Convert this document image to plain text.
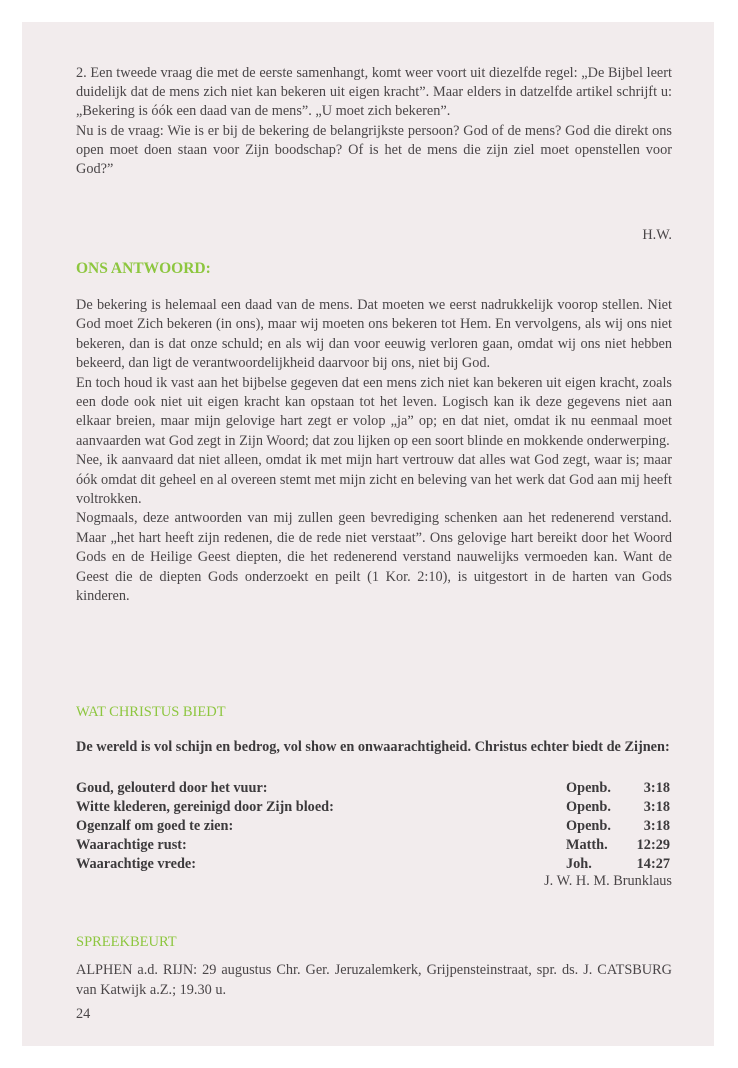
2. Een tweede vraag die met de eerste samenhangt, komt weer voort uit diezelfde regel: „De Bijbel leert duidelijk dat de mens zich niet kan bekeren uit eigen kracht”. Maar elders in datzelfde artikel schrijft u: „Bekering is óók een daad van de mens”. „U moet zich bekeren”.

Nu is de vraag: Wie is er bij de bekering de belangrijkste persoon? God of de mens? God die direkt ons open moet doen staan voor Zijn boodschap? Of is het de mens die zijn ziel moet openstellen voor God?”

H.W.
ONS ANTWOORD:

De bekering is helemaal een daad van de mens. Dat moeten we eerst nadrukkelijk voorop stellen. Niet God moet Zich bekeren (in ons), maar wij moeten ons bekeren tot Hem. En vervolgens, als wij ons niet bekeren, dan is dat onze schuld; en als wij dan voor eeuwig verloren gaan, omdat wij ons niet hebben bekeerd, dan ligt de verantwoordelijkheid daarvoor bij ons, niet bij God.

En toch houd ik vast aan het bijbelse gegeven dat een mens zich niet kan bekeren uit eigen kracht, zoals een dode ook niet uit eigen kracht kan opstaan tot het leven. Logisch kan ik deze gegevens niet aan elkaar breien, maar mijn gelovige hart zegt er volop „ja” op; en dat niet, omdat ik nu eenmaal moet aanvaarden wat God zegt in Zijn Woord; dat zou lijken op een soort blinde en mokkende onderwerping.

Nee, ik aanvaard dat niet alleen, omdat ik met mijn hart vertrouw dat alles wat God zegt, waar is; maar óók omdat dit geheel en al overeen stemt met mijn zicht en beleving van het werk dat God aan mij heeft voltrokken.

Nogmaals, deze antwoorden van mij zullen geen bevrediging schenken aan het redenerend verstand. Maar „het hart heeft zijn redenen, die de rede niet verstaat”. Ons gelovige hart bereikt door het Woord Gods en de Heilige Geest diepten, die het redenerend verstand nauwelijks vermoeden kan. Want de Geest die de diepten Gods onderzoekt en peilt (1 Kor. 2:10), is uitgestort in de harten van Gods kinderen.

WAT CHRISTUS BIEDT
De wereld is vol schijn en bedrog, vol show en onwaarachtigheid. Christus echter biedt de Zijnen:
Goud, gelouterd door het vuur:	Openb. 3:18
Witte klederen, gereinigd door Zijn bloed:	Openb. 3:18
Ogenzalf om goed te zien:	Openb. 3:18
Waarachtige rust:	Matth. 12:29
Waarachtige vrede:	Joh.	14:27
J. W. H. M. Brunklaus
SPREEKBEURT
ALPHEN a.d. RIJN: 29 augustus Chr. Ger. Jeruzalemkerk, Grijpensteinstraat, spr. ds. J. CATSBURG van Katwijk a.Z.; 19.30 u.
24
